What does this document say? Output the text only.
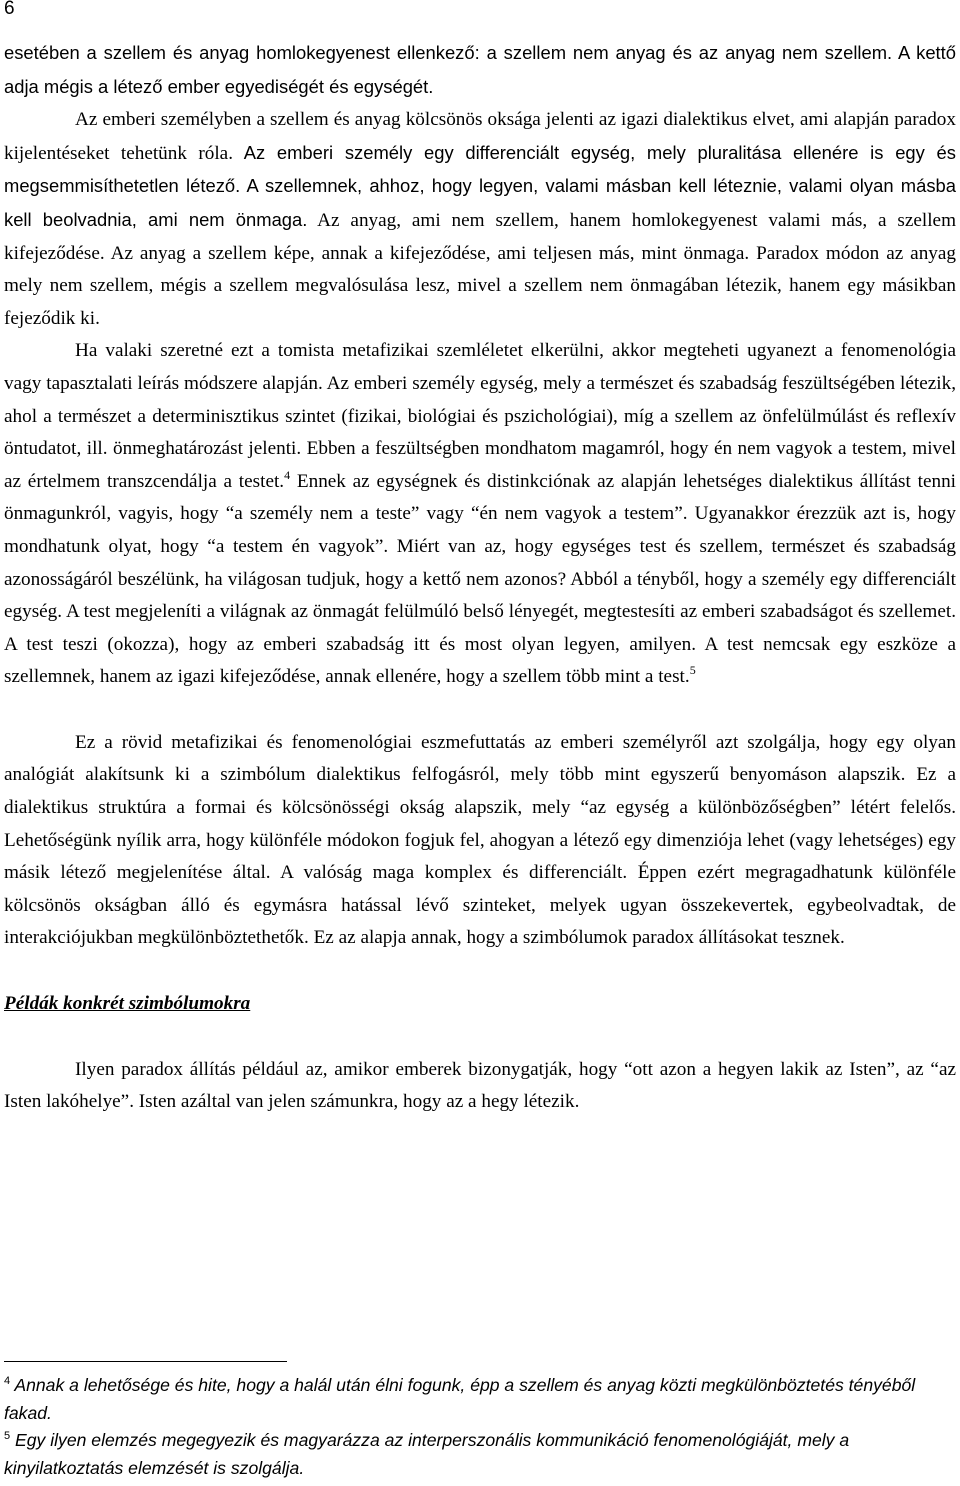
6

esetében a szellem és anyag homlokegyenest ellenkező: a szellem nem anyag és az anyag nem szellem. A kettő adja mégis a létező ember egyediségét és egységét.

Az emberi személyben a szellem és anyag kölcsönös oksága jelenti az igazi dialektikus elvet, ami alapján paradox kijelentéseket tehetünk róla. Az emberi személy egy differenciált egység, mely pluralitása ellenére is egy és megsemmisíthetetlen létező. A szellemnek, ahhoz, hogy legyen, valami másban kell léteznie, valami olyan másba kell beolvadnia, ami nem önmaga. Az anyag, ami nem szellem, hanem homlokegyenest valami más, a szellem kifejeződése. Az anyag a szellem képe, annak a kifejeződése, ami teljesen más, mint önmaga. Paradox módon az anyag mely nem szellem, mégis a szellem megvalósulása lesz, mivel a szellem nem önmagában létezik, hanem egy másikban fejeződik ki.

Ha valaki szeretné ezt a tomista metafizikai szemléletet elkerülni, akkor megteheti ugyanezt a fenomenológia vagy tapasztalati leírás módszere alapján. Az emberi személy egység, mely a természet és szabadság feszültségében létezik, ahol a természet a determinisztikus szintet (fizikai, biológiai és pszichológiai), míg a szellem az önfelülmúlást és reflexív öntudatot, ill. önmeghatározást jelenti. Ebben a feszültségben mondhatom magamról, hogy én nem vagyok a testem, mivel az értelmem transzcendálja a testet.$^4$ Ennek az egységnek és distinkciónak az alapján lehetséges dialektikus állítást tenni önmagunkról, vagyis, hogy “a személy nem a teste” vagy “én nem vagyok a testem”. Ugyanakkor érezzük azt is, hogy mondhatunk olyat, hogy “a testem én vagyok”. Miért van az, hogy egységes test és szellem, természet és szabadság azonosságáról beszélünk, ha világosan tudjuk, hogy a kettő nem azonos? Abból a tényből, hogy a személy egy differenciált egység. A test megjeleníti a világnak az önmagát felülmúló belső lényegét, megtestesíti az emberi szabadságot és szellemet. A test teszi (okozza), hogy az emberi szabadság itt és most olyan legyen, amilyen. A test nemcsak egy eszköze a szellemnek, hanem az igazi kifejeződése, annak ellenére, hogy a szellem több mint a test.$^5$

Ez a rövid metafizikai és fenomenológiai eszmefuttatás az emberi személyről azt szolgálja, hogy egy olyan analógiát alakítsunk ki a szimbólum dialektikus felfogásról, mely több mint egyszerű benyomáson alapszik. Ez a dialektikus struktúra a formai és kölcsönösségi okság alapszik, mely “az egység a különbözőségben” létért felelős. Lehetőségünk nyílik arra, hogy különféle módokon fogjuk fel, ahogyan a létező egy dimenziója lehet (vagy lehetséges) egy másik létező megjelenítése által. A valóság maga komplex és differenciált. Éppen ezért megragadhatunk különféle kölcsönös okságban álló és egymásra hatással lévő szinteket, melyek ugyan összekevertek, egybeolvadtak, de interakciójukban megkülönböztethetők. Ez az alapja annak, hogy a szimbólumok paradox állításokat tesznek.

Példák konkrét szimbólumokra

Ilyen paradox állítás például az, amikor emberek bizonygatják, hogy “ott azon a hegyen lakik az Isten”, az “az Isten lakóhelye”. Isten azáltal van jelen számunkra, hogy az a hegy létezik.

$^4$ Annak a lehetősége és hite, hogy a halál után élni fogunk, épp a szellem és anyag közti megkülönböztetés tényéből fakad.

$^5$ Egy ilyen elemzés megegyezik és magyarázza az interperszonális kommunikáció fenomenológiáját, mely a kinyilatkoztatás elemzését is szolgálja.
